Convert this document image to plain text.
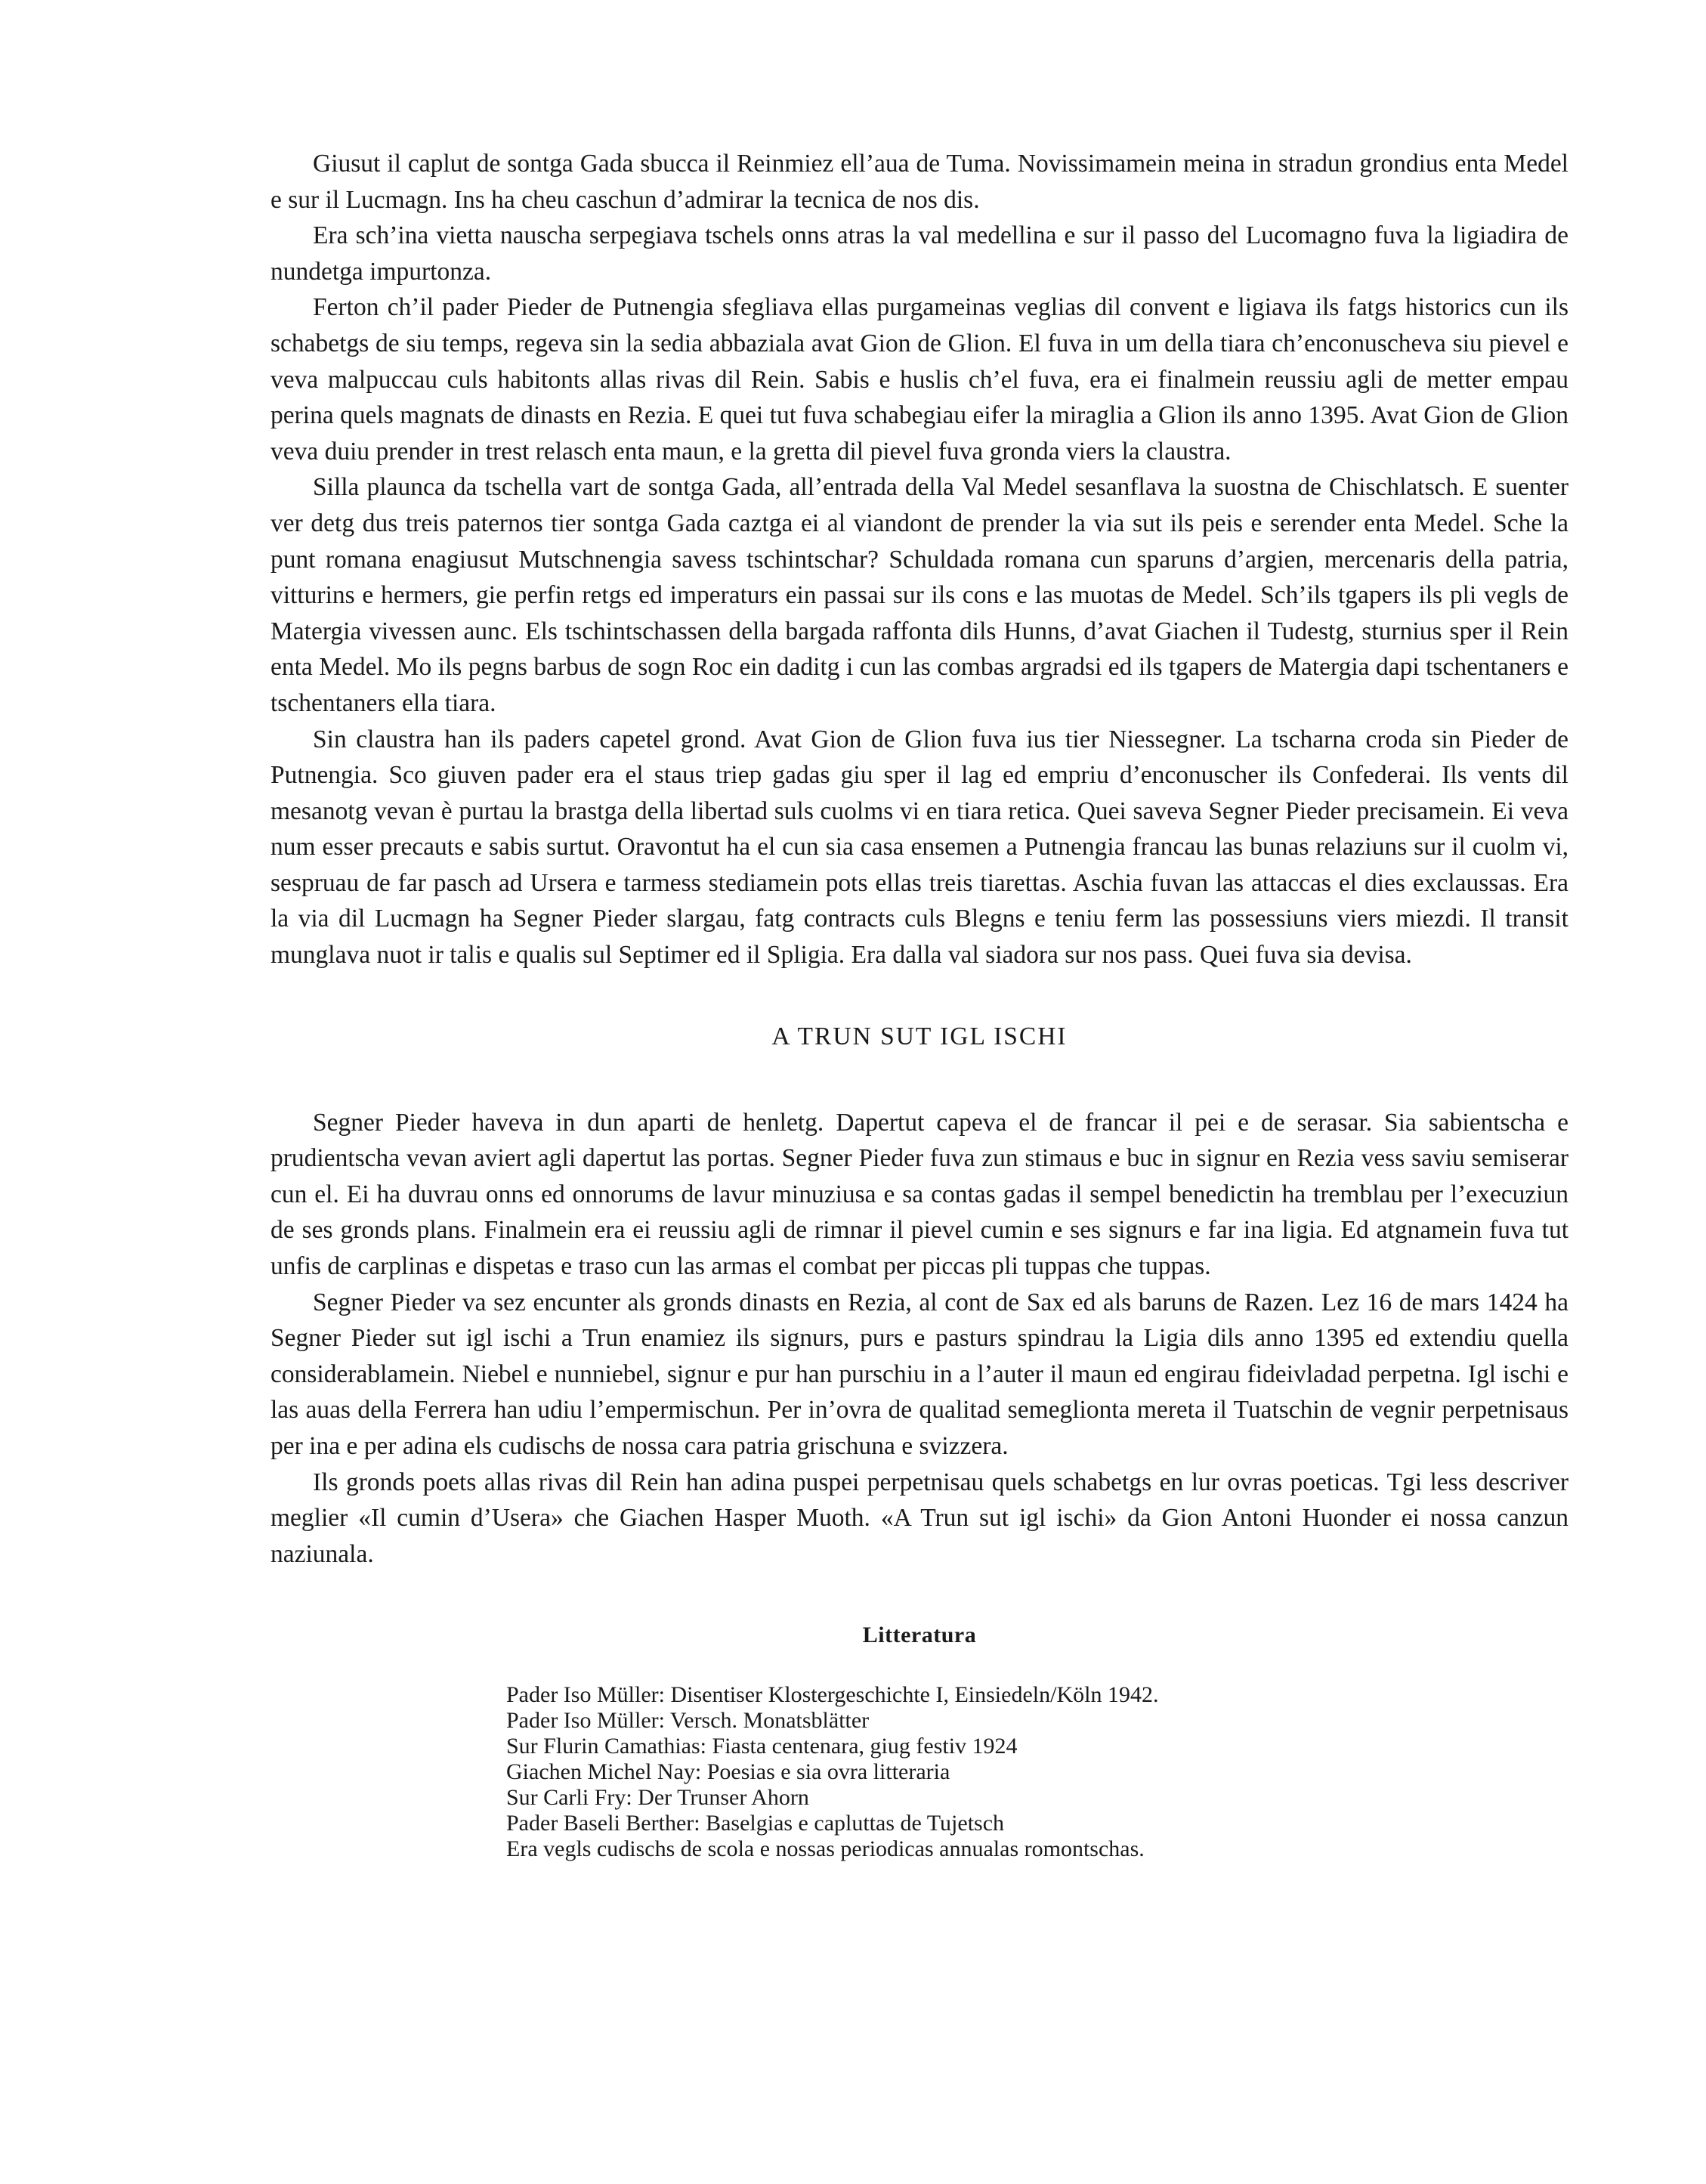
Giusut il caplut de sontga Gada sbucca il Reinmiez ell’aua de Tuma. Novissimamein meina in stradun grondius enta Medel e sur il Lucmagn. Ins ha cheu caschun d’admirar la tecnica de nos dis.

Era sch’ina vietta nauscha serpegiava tschels onns atras la val medellina e sur il passo del Lucomagno fuva la ligiadira de nundetga impurtonza.

Ferton ch’il pader Pieder de Putnengia sfegliava ellas purgameinas veglias dil convent e ligiava ils fatgs historics cun ils schabetgs de siu temps, regeva sin la sedia abbaziala avat Gion de Glion. El fuva in um della tiara ch’enconuscheva siu pievel e veva malpuccau culs habitonts allas rivas dil Rein. Sabis e huslis ch’el fuva, era ei finalmein reussiu agli de metter empau perina quels magnats de dinasts en Rezia. E quei tut fuva schabegiau eifer la miraglia a Glion ils anno 1395. Avat Gion de Glion veva duiu prender in trest relasch enta maun, e la gretta dil pievel fuva gronda viers la claustra.

Silla plaunca da tschella vart de sontga Gada, all’entrada della Val Medel sesanflava la suostna de Chischlatsch. E suenter ver detg dus treis paternos tier sontga Gada caztga ei al viandont de prender la via sut ils peis e serender enta Medel. Sche la punt romana enagiusut Mutschnengia savess tschintschar? Schuldada romana cun sparuns d’argien, mercenaris della patria, vitturins e hermers, gie perfin retgs ed imperaturs ein passai sur ils cons e las muotas de Medel. Sch’ils tgapers ils pli vegls de Matergia vivessen aunc. Els tschintschassen della bargada raffonta dils Hunns, d’avat Giachen il Tudestg, sturnius sper il Rein enta Medel. Mo ils pegns barbus de sogn Roc ein daditg i cun las combas argradsi ed ils tgapers de Matergia dapi tschentaners e tschentaners ella tiara.

Sin claustra han ils paders capetel grond. Avat Gion de Glion fuva ius tier Niessegner. La tscharna croda sin Pieder de Putnengia. Sco giuven pader era el staus triep gadas giu sper il lag ed empriu d’enconuscher ils Confederai. Ils vents dil mesanotg vevan è purtau la brastga della libertad suls cuolms vi en tiara retica. Quei saveva Segner Pieder precisamein. Ei veva num esser precauts e sabis surtut. Oravontut ha el cun sia casa ensemen a Putnengia francau las bunas relaziuns sur il cuolm vi, sespruau de far pasch ad Ursera e tarmess stediamein pots ellas treis tiarettas. Aschia fuvan las attaccas el dies exclaussas. Era la via dil Lucmagn ha Segner Pieder slargau, fatg contracts culs Blegns e teniu ferm las possessiuns viers miezdi. Il transit munglava nuot ir talis e qualis sul Septimer ed il Spligia. Era dalla val siadora sur nos pass. Quei fuva sia devisa.

A TRUN SUT IGL ISCHI

Segner Pieder haveva in dun aparti de henletg. Dapertut capeva el de francar il pei e de serasar. Sia sabientscha e prudientscha vevan aviert agli dapertut las portas. Segner Pieder fuva zun stimaus e buc in signur en Rezia vess saviu semiserar cun el. Ei ha duvrau onns ed onnorums de lavur minuziusa e sa contas gadas il sempel benedictin ha tremblau per l’execuziun de ses gronds plans. Finalmein era ei reussiu agli de rimnar il pievel cumin e ses signurs e far ina ligia. Ed atgnamein fuva tut unfis de carplinas e dispetas e traso cun las armas el combat per piccas pli tuppas che tuppas.

Segner Pieder va sez encunter als gronds dinasts en Rezia, al cont de Sax ed als baruns de Razen. Lez 16 de mars 1424 ha Segner Pieder sut igl ischi a Trun enamiez ils signurs, purs e pasturs spindrau la Ligia dils anno 1395 ed extendiu quella considerablamein. Niebel e nunniebel, signur e pur han purschiu in a l’auter il maun ed engirau fideivladad perpetna. Igl ischi e las auas della Ferrera han udiu l’empermischun. Per in’ovra de qualitad semeglionta mereta il Tuatschin de vegnir perpetnisaus per ina e per adina els cudischs de nossa cara patria grischuna e svizzera.

Ils gronds poets allas rivas dil Rein han adina puspei perpetnisau quels schabetgs en lur ovras poeticas. Tgi less descriver meglier «Il cumin d’Usera» che Giachen Hasper Muoth. «A Trun sut igl ischi» da Gion Antoni Huonder ei nossa canzun naziunala.

Litteratura
Pader Iso Müller: Disentiser Klostergeschichte I, Einsiedeln/Köln 1942.
Pader Iso Müller: Versch. Monatsblätter
Sur Flurin Camathias: Fiasta centenara, giug festiv 1924
Giachen Michel Nay: Poesias e sia ovra litteraria
Sur Carli Fry: Der Trunser Ahorn
Pader Baseli Berther: Baselgias e capluttas de Tujetsch
Era vegls cudischs de scola e nossas periodicas annualas romontschas.
